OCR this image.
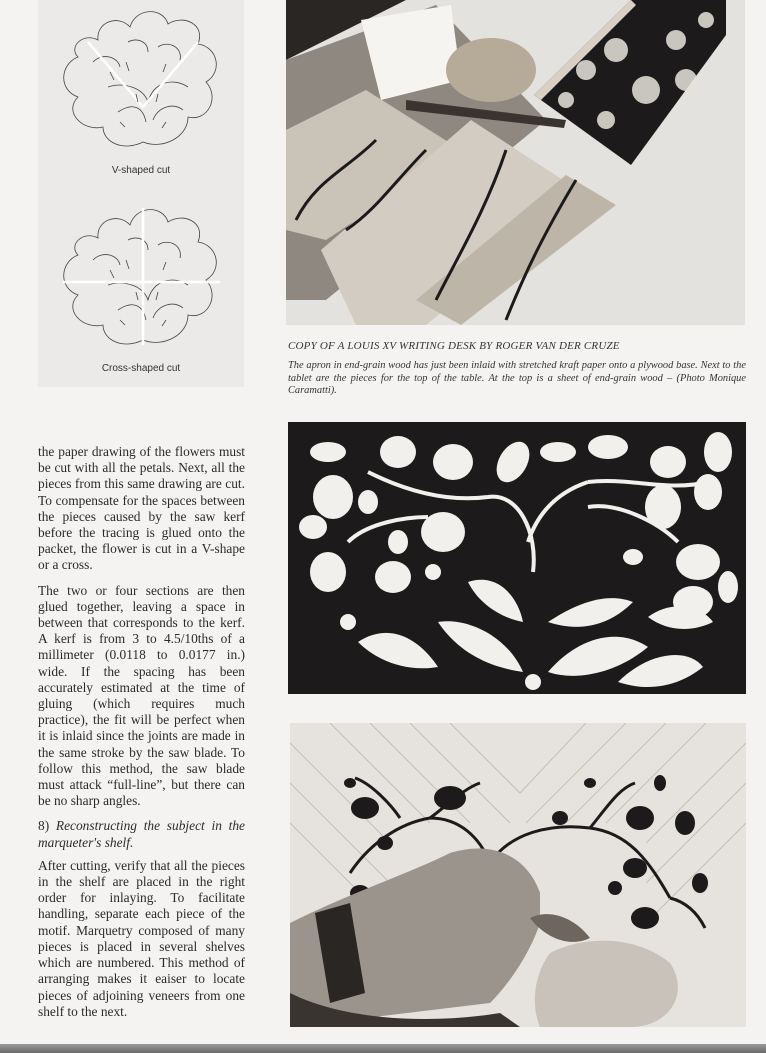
V-shaped cut
Cross-shaped cut

the paper drawing of the flowers must be cut with all the petals. Next, all the pieces from this same drawing are cut. To compensate for the spaces between the pieces caused by the saw kerf before the tracing is glued onto the packet, the flower is cut in a V-shape or a cross.

The two or four sections are then glued together, leaving a space in between that corresponds to the kerf. A kerf is from 3 to 4.5/10ths of a millimeter (0.0118 to 0.0177 in.) wide. If the spacing has been accurately estimated at the time of gluing (which requires much practice), the fit will be perfect when it is inlaid since the joints are made in the same stroke by the saw blade. To follow this method, the saw blade must attack “full-line”, but there can be no sharp angles.

8) Reconstructing the subject in the marqueter's shelf.

After cutting, verify that all the pieces in the shelf are placed in the right order for inlaying. To facilitate handling, separate each piece of the motif. Marquetry composed of many pieces is placed in several shelves which are numbered. This method of arranging makes it eaiser to locate pieces of adjoining veneers from one shelf to the next.

COPY OF A LOUIS XV WRITING DESK BY ROGER VAN DER CRUZE
The apron in end-grain wood has just been inlaid with stretched kraft paper onto a plywood base. Next to the tablet are the pieces for the top of the table. At the top is a sheet of end-grain wood – (Photo Monique Caramatti).
